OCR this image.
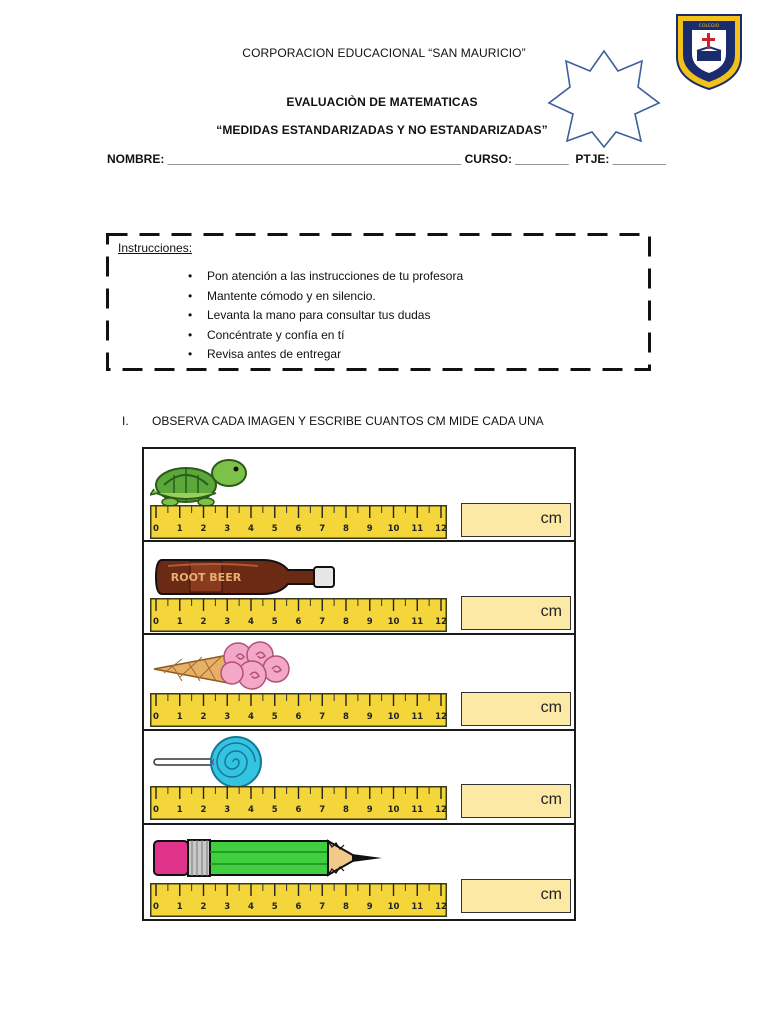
CORPORACION EDUCACIONAL “SAN MAURICIO”
EVALUACIÒN DE MATEMATICAS
“MEDIDAS ESTANDARIZADAS Y NO ESTANDARIZADAS”
NOMBRE: ____________________________________________ CURSO: ________  PTJE: ________
COLEGIO
Instrucciones:
• Pon atención a las instrucciones de tu profesora
• Mantente cómodo y en silencio.
• Levanta la mano para consultar tus dudas
• Concéntrate y confía en tí
• Revisa antes de entregar
I. OBSERVA CADA IMAGEN Y ESCRIBE CUANTOS CM MIDE CADA UNA
0 1 2 3 4 5 6 7 8 9 10 11 12
cm
ROOT BEER
0 1 2 3 4 5 6 7 8 9 10 11 12
cm
0 1 2 3 4 5 6 7 8 9 10 11 12
cm
0 1 2 3 4 5 6 7 8 9 10 11 12
cm
0 1 2 3 4 5 6 7 8 9 10 11 12
cm
